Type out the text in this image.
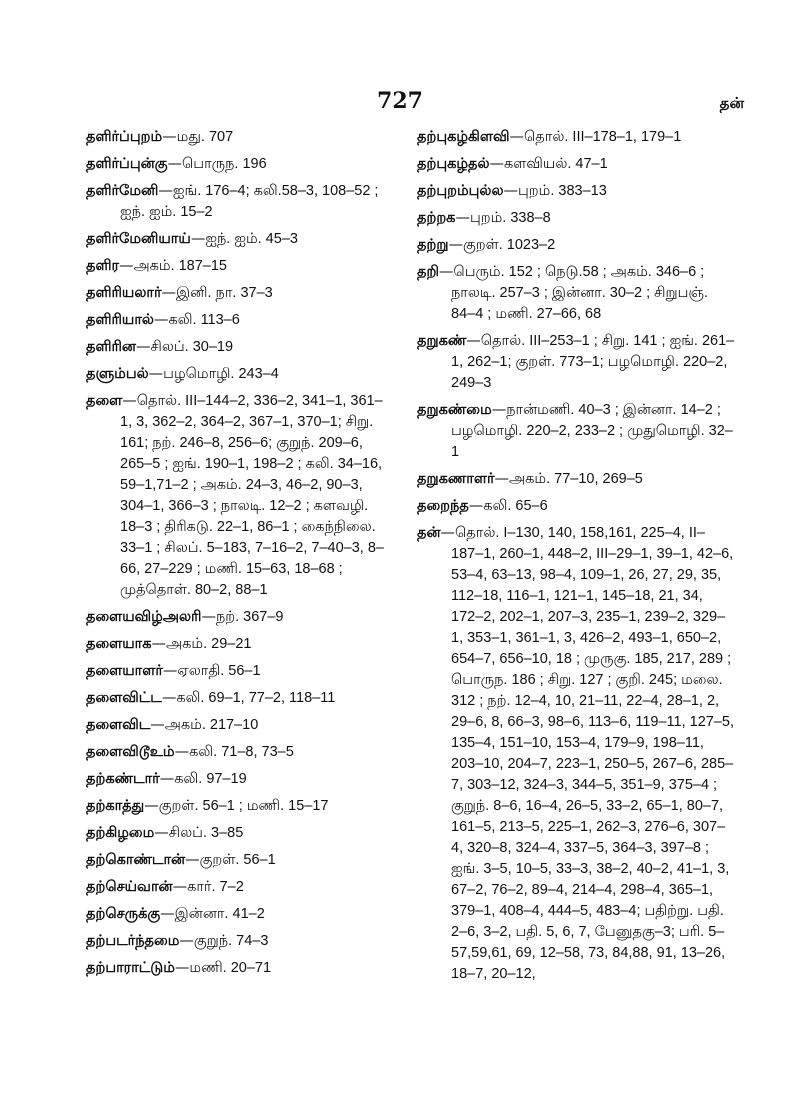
727	தன்
தளிர்ப்புறம்—மது. 707
தளிர்ப்புன்கு—பொருந. 196
தளிர்மேனி—ஐங். 176–4; கலி.58–3, 108–52 ; ஐந். ஐம். 15–2
தளிர்மேனியாய்—ஐந். ஐம். 45–3
தளிர—அகம். 187–15
தளிரியலார்—இனி. நா. 37–3
தளிரியால்—கலி. 113–6
தளிரின—சிலப். 30–19
தளும்பல்—பழமொழி. 243–4
தளை—தொல். III–144–2, 336–2, 341–1, 361–1, 3, 362–2, 364–2, 367–1, 370–1; சிறு. 161; நற். 246–8, 256–6; குறுந். 209–6, 265–5 ; ஐங். 190–1, 198–2 ; கலி. 34–16, 59–1,71–2 ; அகம். 24–3, 46–2, 90–3, 304–1, 366–3 ; நாலடி. 12–2 ; களவழி. 18–3 ; திரிகடு. 22–1, 86–1 ; கைந்நிலை. 33–1 ; சிலப். 5–183, 7–16–2, 7–40–3, 8–66, 27–229 ; மணி. 15–63, 18–68 ; முத்தொள். 80–2, 88–1
தளையவிழ்அலரி—நற். 367–9
தளையாக—அகம். 29–21
தளையாளர்—ஏலாதி. 56–1
தளைவிட்ட—கலி. 69–1, 77–2, 118–11
தளைவிட—அகம். 217–10
தளைவிடூஉம்—கலி. 71–8, 73–5
தற்கண்டார்—கலி. 97–19
தற்காத்து—குறள். 56–1 ; மணி. 15–17
தற்கிழமை—சிலப். 3–85
தற்கொண்டான்—குறள். 56–1
தற்செய்வான்—கார். 7–2
தற்செருக்கு—இன்னா. 41–2
தற்படர்ந்தமை—குறுந். 74–3
தற்பாராட்டும்—மணி. 20–71
தற்புகழ்கிளவி—தொல். III–178–1, 179–1
தற்புகழ்தல்—களவியல். 47–1
தற்புறம்புல்ல—புறம். 383–13
தற்றக—புறம். 338–8
தற்று—குறள். 1023–2
தறி—பெரும். 152 ; நெடு.58 ; அகம். 346–6 ; நாலடி. 257–3 ; இன்னா. 30–2 ; சிறுபஞ். 84–4 ; மணி. 27–66, 68
தறுகண்—தொல். III–253–1 ; சிறு. 141 ; ஐங். 261–1, 262–1; குறள். 773–1; பழமொழி. 220–2, 249–3
தறுகண்மை—நான்மணி. 40–3 ; இன்னா. 14–2 ; பழமொழி. 220–2, 233–2 ; முதுமொழி. 32–1
தறுகணாளர்—அகம். 77–10, 269–5
தறைந்த—கலி. 65–6
தன்—தொல். I–130, 140, 158,161, 225–4, II–187–1, 260–1, 448–2, III–29–1, 39–1, 42–6, 53–4, 63–13, 98–4, 109–1, 26, 27, 29, 35, 112–18, 116–1, 121–1, 145–18, 21, 34, 172–2, 202–1, 207–3, 235–1, 239–2, 329–1, 353–1, 361–1, 3, 426–2, 493–1, 650–2, 654–7, 656–10, 18 ; முருகு. 185, 217, 289 ; பொருந. 186 ; சிறு. 127 ; குறி. 245; மலை. 312 ; நற். 12–4, 10, 21–11, 22–4, 28–1, 2, 29–6, 8, 66–3, 98–6, 113–6, 119–11, 127–5, 135–4, 151–10, 153–4, 179–9, 198–11, 203–10, 204–7, 223–1, 250–5, 267–6, 285–7, 303–12, 324–3, 344–5, 351–9, 375–4 ; குறுந். 8–6, 16–4, 26–5, 33–2, 65–1, 80–7, 161–5, 213–5, 225–1, 262–3, 276–6, 307–4, 320–8, 324–4, 337–5, 364–3, 397–8 ; ஐங். 3–5, 10–5, 33–3, 38–2, 40–2, 41–1, 3, 67–2, 76–2, 89–4, 214–4, 298–4, 365–1, 379–1, 408–4, 444–5, 483–4; பதிற்று. பதி. 2–6, 3–2, பதி. 5, 6, 7, பேனுதகு–3; பரி. 5–57,59,61, 69, 12–58, 73, 84,88, 91, 13–26, 18–7, 20–12,
